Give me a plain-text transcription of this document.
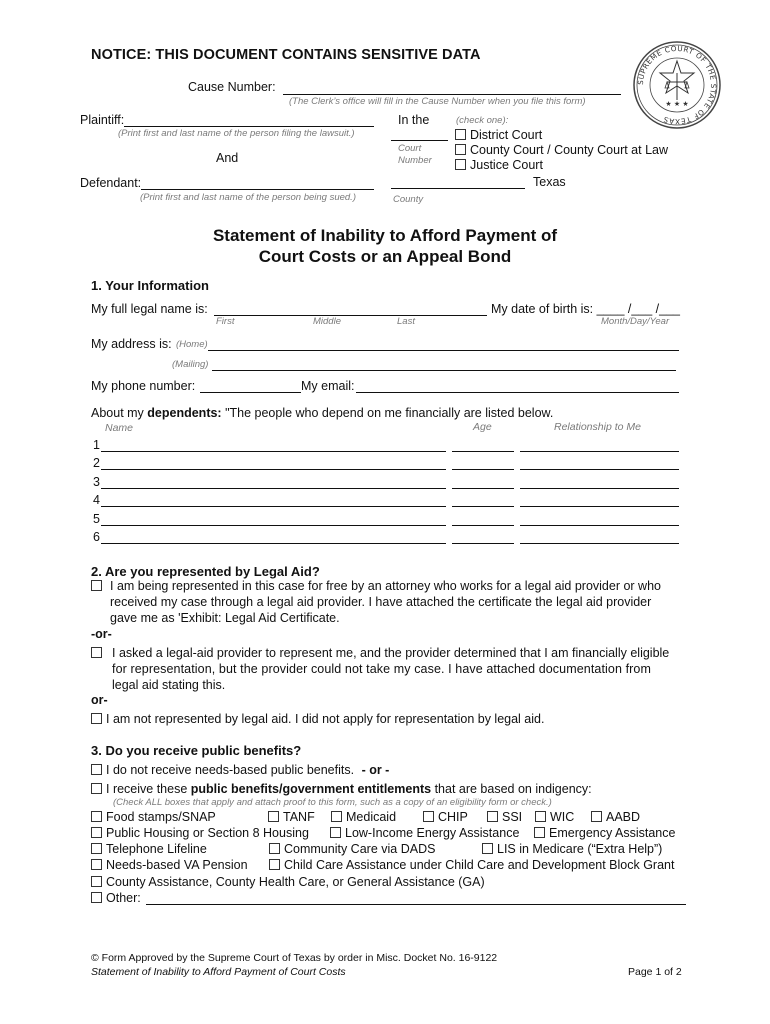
NOTICE: THIS DOCUMENT CONTAINS SENSITIVE DATA
SUPREME COURT OF THE STATE OF TEXAS
★ ★ ★
Cause Number:
(The Clerk’s office will fill in the Cause Number when you file this form)
Plaintiff:
(Print first and last name of the person filing the lawsuit.)
And
Defendant:
(Print first and last name of the person being sued.)
In the	(check one):
Court
Number
District Court
County Court / County Court at Law
Justice Court
Texas
County
Statement of Inability to Afford Payment of
Court Costs or an Appeal Bond
1. Your Information
My full legal name is:	My date of birth is: ____ /___ /___
First	Middle	Last	Month/Day/Year
My address is: (Home)
(Mailing)
My phone number:	My email:
About my dependents: "The people who depend on me financially are listed below.
Name	Age	Relationship to Me
1
2
3
4
5
6
2. Are you represented by Legal Aid?
I am being represented in this case for free by an attorney who works for a legal aid provider or who
received my case through a legal aid provider. I have attached the certificate the legal aid provider
gave me as 'Exhibit: Legal Aid Certificate.
-or-
I asked a legal-aid provider to represent me, and the provider determined that I am financially eligible
for representation, but the provider could not take my case. I have attached documentation from
legal aid stating this.
or-
I am not represented by legal aid. I did not apply for representation by legal aid.
3. Do you receive public benefits?
I do not receive needs-based public benefits. - or -
I receive these public benefits/government entitlements that are based on indigency:
(Check ALL boxes that apply and attach proof to this form, such as a copy of an eligibility form or check.)
Food stamps/SNAP	TANF	Medicaid	CHIP	SSI	WIC	AABD
Public Housing or Section 8 Housing	Low-Income Energy Assistance	Emergency Assistance
Telephone Lifeline	Community Care via DADS	LIS in Medicare (“Extra Help”)
Needs-based VA Pension	Child Care Assistance under Child Care and Development Block Grant
County Assistance, County Health Care, or General Assistance (GA)
Other:
© Form Approved by the Supreme Court of Texas by order in Misc. Docket No. 16-9122
Statement of Inability to Afford Payment of Court Costs	Page 1 of 2
